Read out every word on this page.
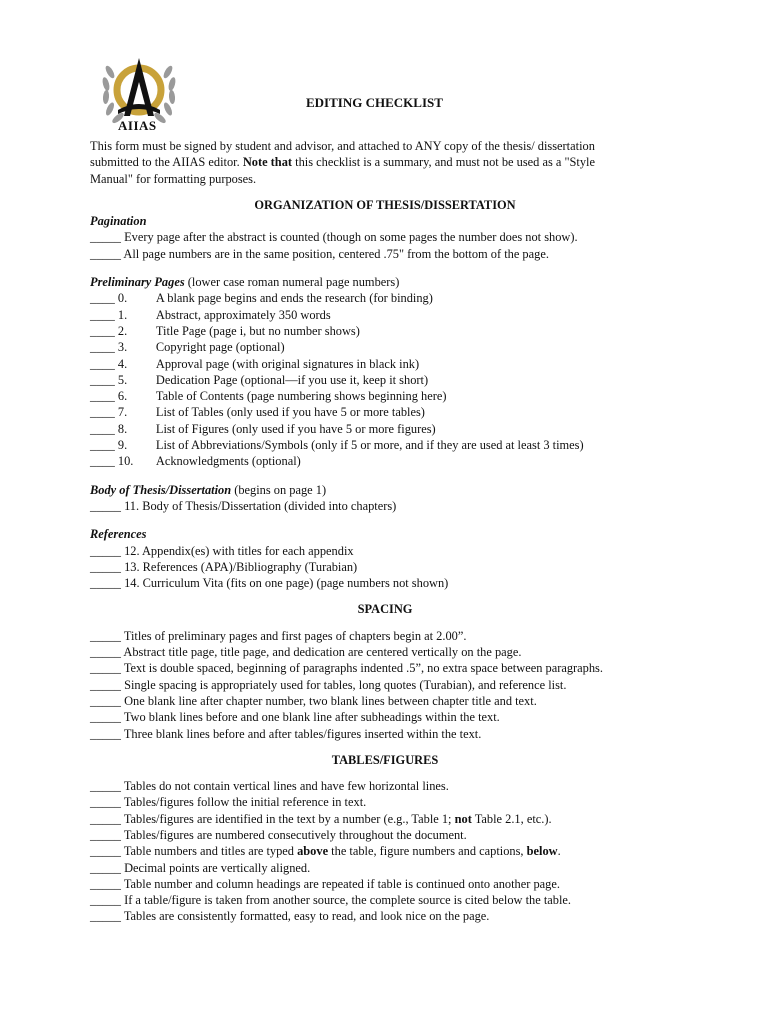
AIIAS
EDITING CHECKLIST

This form must be signed by student and advisor, and attached to ANY copy of the thesis/ dissertation

submitted to the AIIAS editor. Note that this checklist is a summary, and must not be used as a "Style

Manual" for formatting purposes.

ORGANIZATION OF THESIS/DISSERTATION

Pagination

_____ Every page after the abstract is counted (though on some pages the number does not show).

_____ All page numbers are in the same position, centered .75" from the bottom of the page.

Preliminary Pages (lower case roman numeral page numbers)

____ 0.	A blank page begins and ends the research (for binding)
____ 1.	Abstract, approximately 350 words
____ 2.	Title Page (page i, but no number shows)
____ 3.	Copyright page (optional)
____ 4.	Approval page (with original signatures in black ink)
____ 5.	Dedication Page (optional—if you use it, keep it short)
____ 6.	Table of Contents (page numbering shows beginning here)
____ 7.	List of Tables (only used if you have 5 or more tables)
____ 8.	List of Figures (only used if you have 5 or more figures)
____ 9.	List of Abbreviations/Symbols (only if 5 or more, and if they are used at least 3 times)
____ 10.	Acknowledgments (optional)

Body of Thesis/Dissertation (begins on page 1)

_____ 11. Body of Thesis/Dissertation (divided into chapters)

References

_____ 12. Appendix(es) with titles for each appendix

_____ 13. References (APA)/Bibliography (Turabian)

_____ 14. Curriculum Vita (fits on one page) (page numbers not shown)

SPACING

_____ Titles of preliminary pages and first pages of chapters begin at 2.00”.

_____ Abstract title page, title page, and dedication are centered vertically on the page.

_____ Text is double spaced, beginning of paragraphs indented .5”, no extra space between paragraphs.

_____ Single spacing is appropriately used for tables, long quotes (Turabian), and reference list.

_____ One blank line after chapter number, two blank lines between chapter title and text.

_____ Two blank lines before and one blank line after subheadings within the text.

_____ Three blank lines before and after tables/figures inserted within the text.

TABLES/FIGURES

_____ Tables do not contain vertical lines and have few horizontal lines.

_____ Tables/figures follow the initial reference in text.

_____ Tables/figures are identified in the text by a number (e.g., Table 1; not Table 2.1, etc.).

_____ Tables/figures are numbered consecutively throughout the document.

_____ Table numbers and titles are typed above the table, figure numbers and captions, below.

_____ Decimal points are vertically aligned.

_____ Table number and column headings are repeated if table is continued onto another page.

_____ If a table/figure is taken from another source, the complete source is cited below the table.

_____ Tables are consistently formatted, easy to read, and look nice on the page.
